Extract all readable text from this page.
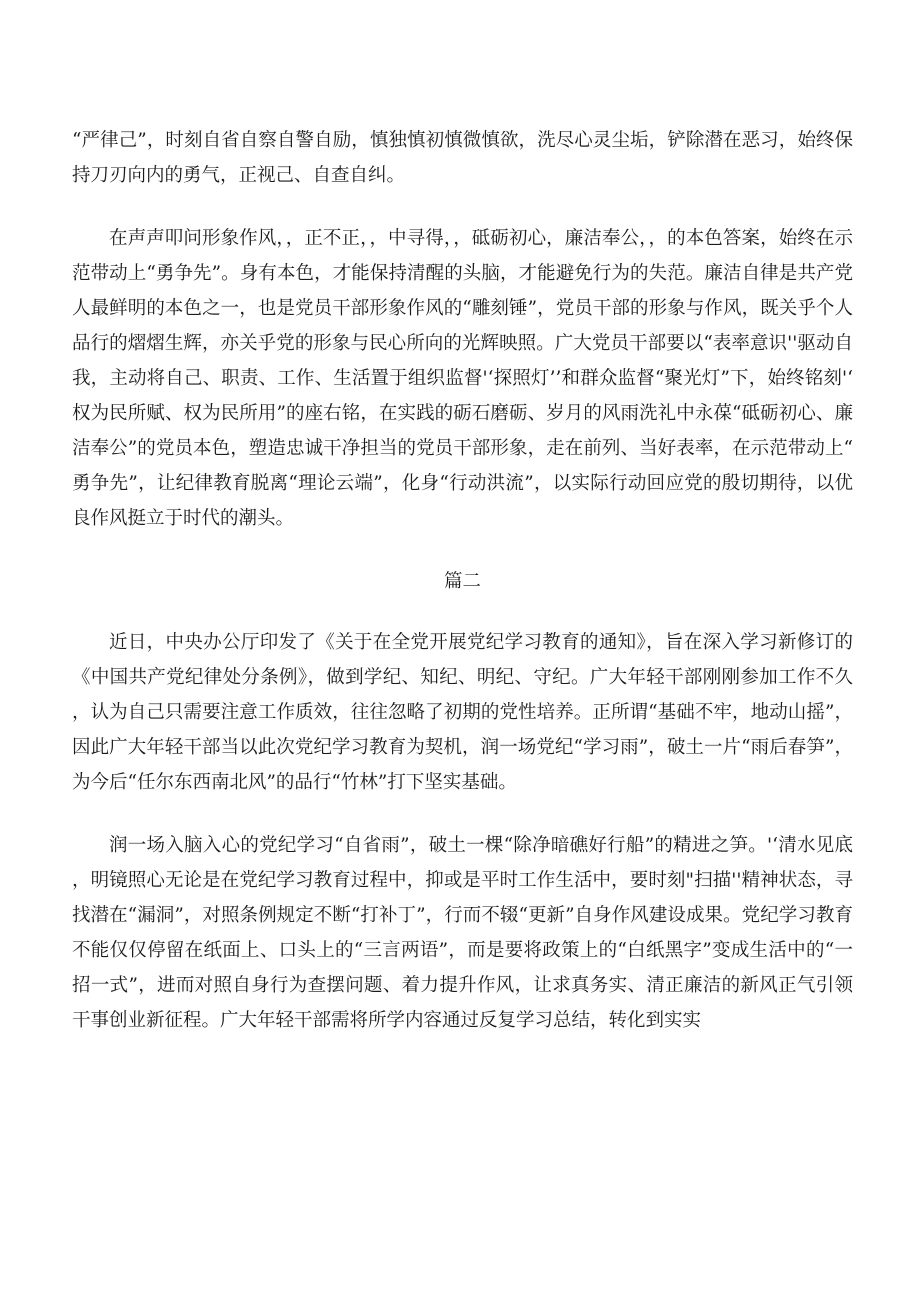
“严律己”，时刻自省自察自警自励，慎独慎初慎微慎欲，洗尽心灵尘垢，铲除潜在恶习，始终保持刀刃向内的勇气，正视己、自查自纠。

在声声叩问形象作风，，正不正，，中寻得，，砥砺初心，廉洁奉公，，的本色答案，始终在示范带动上“勇争先”。身有本色，才能保持清醒的头脑，才能避免行为的失范。廉洁自律是共产党人最鲜明的本色之一，也是党员干部形象作风的“雕刻锤”，党员干部的形象与作风，既关乎个人品行的熠熠生辉，亦关乎党的形象与民心所向的光辉映照。广大党员干部要以“表率意识''驱动自我，主动将自己、职责、工作、生活置于组织监督'‘探照灯’’和群众监督“聚光灯”下，始终铭刻'‘权为民所赋、权为民所用”的座右铭，在实践的砺石磨砺、岁月的风雨洗礼中永葆“砥砺初心、廉洁奉公”的党员本色，塑造忠诚干净担当的党员干部形象，走在前列、当好表率，在示范带动上“勇争先”，让纪律教育脱离“理论云端”，化身“行动洪流”，以实际行动回应党的殷切期待，以优良作风挺立于时代的潮头。

篇二

近日，中央办公厅印发了《关于在全党开展党纪学习教育的通知》，旨在深入学习新修订的《中国共产党纪律处分条例》，做到学纪、知纪、明纪、守纪。广大年轻干部刚刚参加工作不久，认为自己只需要注意工作质效，往往忽略了初期的党性培养。正所谓“基础不牢，地动山摇”，因此广大年轻干部当以此次党纪学习教育为契机，润一场党纪“学习雨”，破土一片“雨后春笋”，为今后“任尔东西南北风”的品行“竹林”打下坚实基础。

润一场入脑入心的党纪学习“自省雨”，破土一棵“除净暗礁好行船”的精进之笋。'‘清水见底，明镜照心无论是在党纪学习教育过程中，抑或是平时工作生活中，要时刻"扫描''精神状态，寻找潜在“漏洞”，对照条例规定不断“打补丁”，行而不辍“更新”自身作风建设成果。党纪学习教育不能仅仅停留在纸面上、口头上的“三言两语”，而是要将政策上的“白纸黑字”变成生活中的“一招一式”，进而对照自身行为查摆问题、着力提升作风，让求真务实、清正廉洁的新风正气引领干事创业新征程。广大年轻干部需将所学内容通过反复学习总结，转化到实实
